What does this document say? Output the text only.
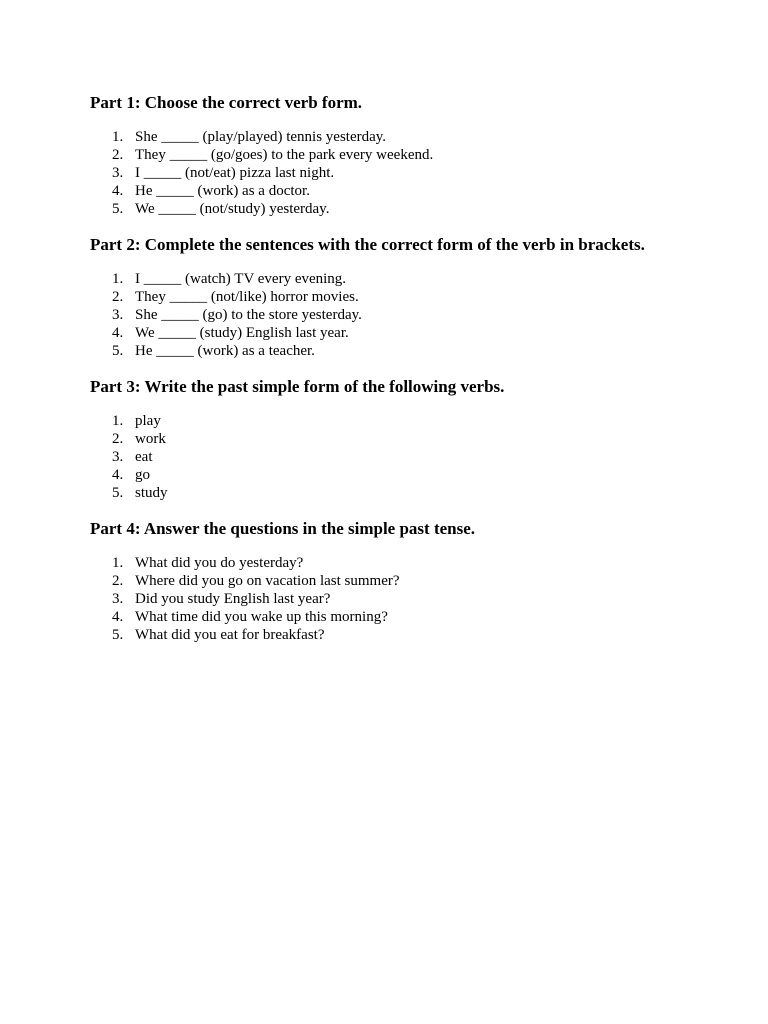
Part 1: Choose the correct verb form.
1. She _____ (play/played) tennis yesterday.
2. They _____ (go/goes) to the park every weekend.
3. I _____ (not/eat) pizza last night.
4. He _____ (work) as a doctor.
5. We _____ (not/study) yesterday.
Part 2: Complete the sentences with the correct form of the verb in brackets.
1. I _____ (watch) TV every evening.
2. They _____ (not/like) horror movies.
3. She _____ (go) to the store yesterday.
4. We _____ (study) English last year.
5. He _____ (work) as a teacher.
Part 3: Write the past simple form of the following verbs.
1. play
2. work
3. eat
4. go
5. study
Part 4: Answer the questions in the simple past tense.
1. What did you do yesterday?
2. Where did you go on vacation last summer?
3. Did you study English last year?
4. What time did you wake up this morning?
5. What did you eat for breakfast?
